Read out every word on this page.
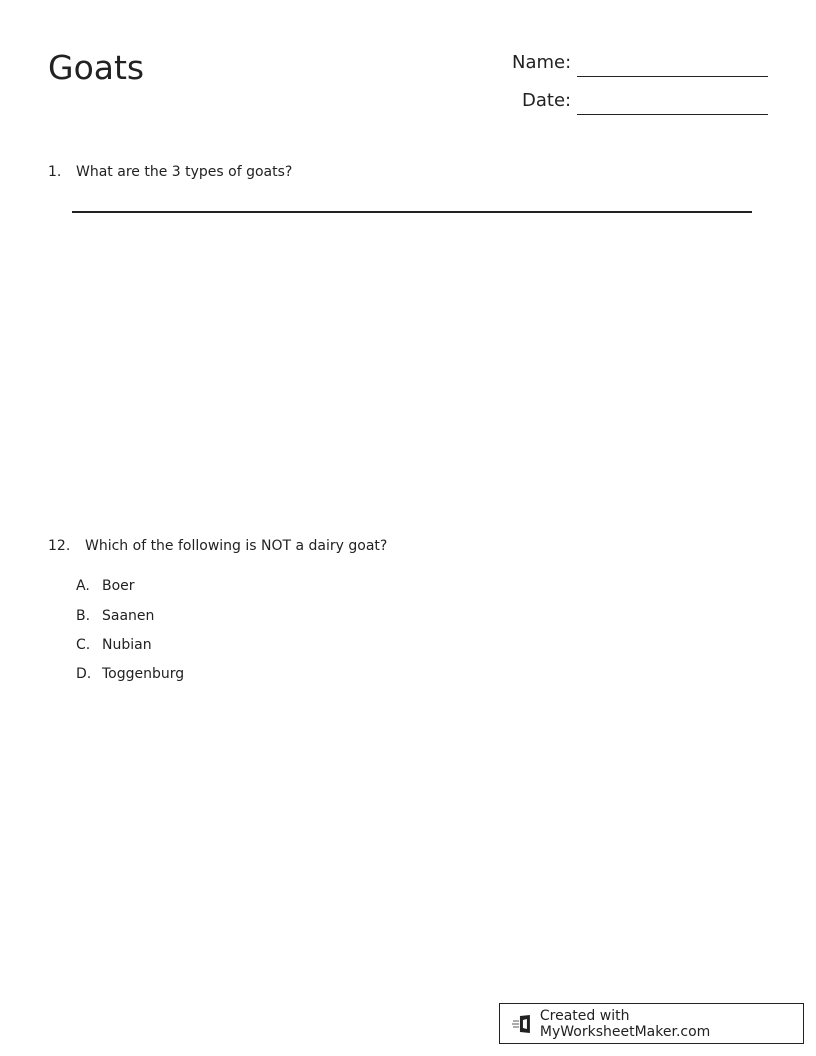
Goats	Name:
Date:
1. What are the 3 types of goats?
12. Which of the following is NOT a dairy goat?
A. Boer
B. Saanen
C. Nubian
D. Toggenburg
Created with MyWorksheetMaker.com
